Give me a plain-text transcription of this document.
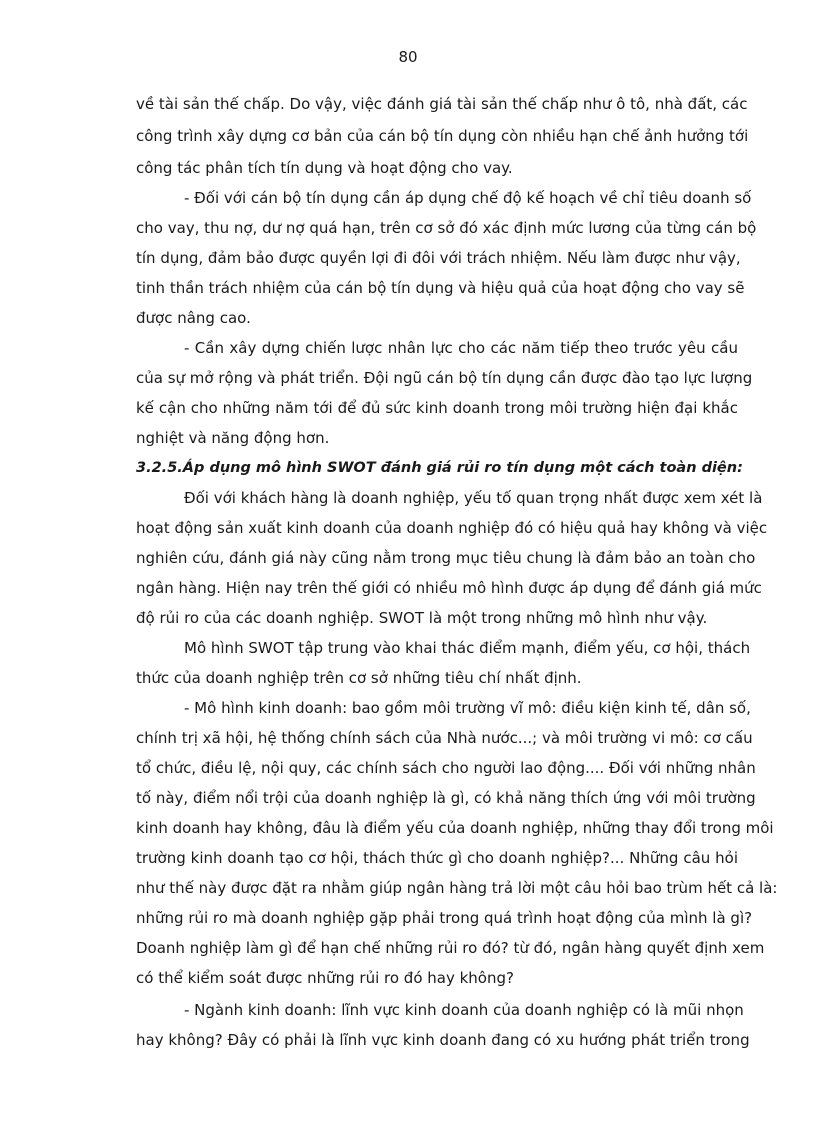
80
về tài sản thế chấp. Do vậy, việc đánh giá tài sản thế chấp như ô tô, nhà đất, các
công trình xây dựng cơ bản của cán bộ tín dụng còn nhiều hạn chế ảnh hưởng tới
công tác phân tích tín dụng và hoạt động cho vay.
- Đối với cán bộ tín dụng cần áp dụng chế độ kế hoạch về chỉ tiêu doanh số
cho vay, thu nợ, dư nợ quá hạn, trên cơ sở đó xác định mức lương của từng cán bộ
tín dụng, đảm bảo được quyền lợi đi đôi với trách nhiệm. Nếu làm được như vậy,
tinh thần trách nhiệm của cán bộ tín dụng và hiệu quả của hoạt động cho vay sẽ
được nâng cao.
- Cần xây dựng chiến lược nhân lực cho các năm tiếp theo trước yêu cầu
của sự mở rộng và phát triển. Đội ngũ cán bộ tín dụng cần được đào tạo lực lượng
kế cận cho những năm tới để đủ sức kinh doanh trong môi trường hiện đại khắc
nghiệt và năng động hơn.
3.2.5.Áp dụng mô hình SWOT đánh giá rủi ro tín dụng một cách toàn diện:
Đối với khách hàng là doanh nghiệp, yếu tố quan trọng nhất được xem xét là
hoạt động sản xuất kinh doanh của doanh nghiệp đó có hiệu quả hay không và việc
nghiên cứu, đánh giá này cũng nằm trong mục tiêu chung là đảm bảo an toàn cho
ngân hàng. Hiện nay trên thế giới có nhiều mô hình được áp dụng để đánh giá mức
độ rủi ro của các doanh nghiệp. SWOT là một trong những mô hình như vậy.
Mô hình SWOT tập trung vào khai thác điểm mạnh, điểm yếu, cơ hội, thách
thức của doanh nghiệp trên cơ sở những tiêu chí nhất định.
- Mô hình kinh doanh: bao gồm môi trường vĩ mô: điều kiện kinh tế, dân số,
chính trị xã hội, hệ thống chính sách của Nhà nước...; và môi trường vi mô: cơ cấu
tổ chức, điều lệ, nội quy, các chính sách cho người lao động.... Đối với những nhân
tố này, điểm nổi trội của doanh nghiệp là gì, có khả năng thích ứng với môi trường
kinh doanh hay không, đâu là điểm yếu của doanh nghiệp, những thay đổi trong môi
trường kinh doanh tạo cơ hội, thách thức gì cho doanh nghiệp?... Những câu hỏi
như thế này được đặt ra nhằm giúp ngân hàng trả lời một câu hỏi bao trùm hết cả là:
những rủi ro mà doanh nghiệp gặp phải trong quá trình hoạt động của mình là gì?
Doanh nghiệp làm gì để hạn chế những rủi ro đó? từ đó, ngân hàng quyết định xem
có thể kiểm soát được những rủi ro đó hay không?
- Ngành kinh doanh: lĩnh vực kinh doanh của doanh nghiệp có là mũi nhọn
hay không? Đây có phải là lĩnh vực kinh doanh đang có xu hướng phát triển trong
